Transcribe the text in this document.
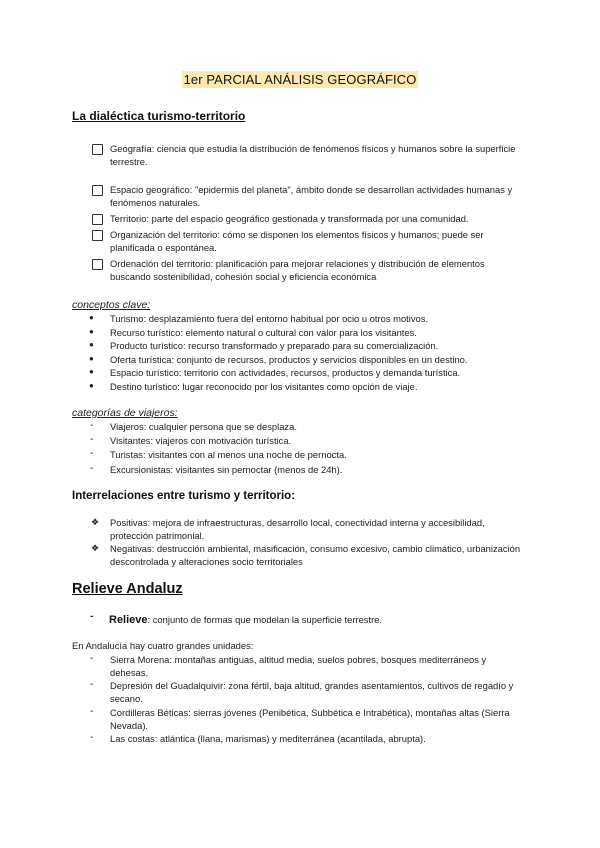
1er PARCIAL ANÁLISIS GEOGRÁFICO
La dialéctica turismo-territorio
Geografía: ciencia que estudia la distribución de fenómenos físicos y humanos sobre la superficie terrestre.
Espacio geográfico: "epidermis del planeta", ámbito donde se desarrollan actividades humanas y fenómenos naturales.
Territorio: parte del espacio geográfico gestionada y transformada por una comunidad.
Organización del territorio: cómo se disponen los elementos físicos y humanos; puede ser planificada o espontánea.
Ordenación del territorio: planificación para mejorar relaciones y distribución de elementos buscando sostenibilidad, cohesión social y eficiencia económica
conceptos clave:
● Turismo: desplazamiento fuera del entorno habitual por ocio u otros motivos.
● Recurso turístico: elemento natural o cultural con valor para los visitantes.
● Producto turístico: recurso transformado y preparado para su comercialización.
● Oferta turística: conjunto de recursos, productos y servicios disponibles en un destino.
● Espacio turístico: territorio con actividades, recursos, productos y demanda turística.
● Destino turístico: lugar reconocido por los visitantes como opción de viaje.
categorías de viajeros:
- Viajeros: cualquier persona que se desplaza.
- Visitantes: viajeros con motivación turística.
- Turistas: visitantes con al menos una noche de pernocta.
- Excursionistas: visitantes sin pernoctar (menos de 24h).
Interrelaciones entre turismo y territorio:
❖ Positivas: mejora de infraestructuras, desarrollo local, conectividad interna y accesibilidad, protección patrimonial.
❖ Negativas: destrucción ambiental, masificación, consumo excesivo, cambio climático, urbanización descontrolada y alteraciones socio territoriales
Relieve Andaluz
- Relieve: conjunto de formas que modelan la superficie terrestre.
En Andalucía hay cuatro grandes unidades:
- Sierra Morena: montañas antiguas, altitud media, suelos pobres, bosques mediterráneos y dehesas.
- Depresión del Guadalquivir: zona fértil, baja altitud, grandes asentamientos, cultivos de regadío y secano.
- Cordilleras Béticas: sierras jóvenes (Penibética, Subbética e Intrabética), montañas altas (Sierra Nevada).
- Las costas: atlántica (llana, marismas) y mediterránea (acantilada, abrupta).
